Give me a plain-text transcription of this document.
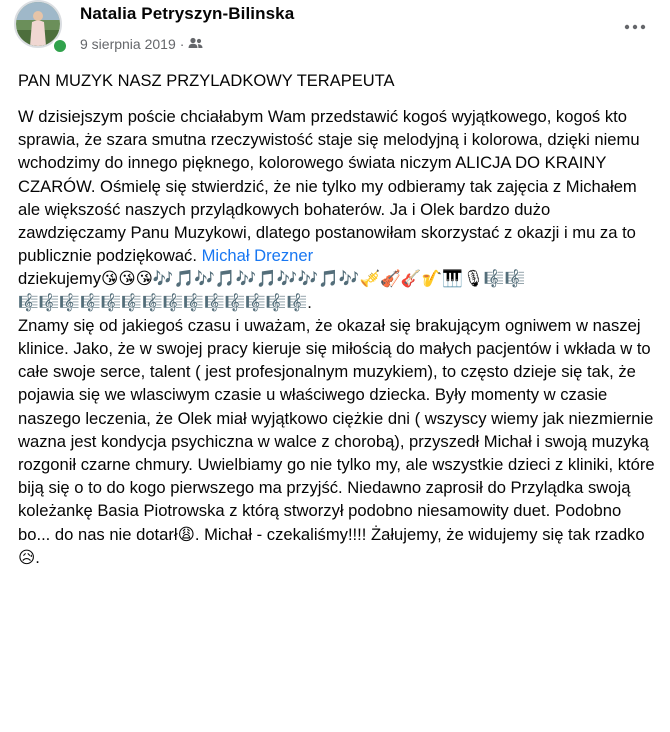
Natalia Petryszyn-Bilinska
9 sierpnia 2019 ·
PAN MUZYK NASZ PRZYLADKOWY TERAPEUTA
W dzisiejszym poście chciałabym Wam przedstawić kogoś wyjątkowego, kogoś kto sprawia, że szara smutna rzeczywistość staje się melodyjną i kolorowa, dzięki niemu wchodzimy do innego pięknego, kolorowego świata niczym ALICJA DO KRAINY CZARÓW. Ośmielę się stwierdzić, że nie tylko my odbieramy tak zajęcia z Michałem ale większość naszych przylądkowych bohaterów. Ja i Olek bardzo dużo zawdzięczamy Panu Muzykowi, dlatego postanowiłam skorzystać z okazji i mu za to publicznie podziękować. Michał Drezner
dziekujemy😘😘😘🎶🎵🎶🎵🎶🎵🎶🎶🎵🎶🎺🎻🎸🎷🎹🎙🎼🎼
🎼🎼🎼🎼🎼🎼🎼🎼🎼🎼🎼🎼🎼🎼.
Znamy się od jakiegoś czasu i uważam, że okazał się brakującym ogniwem w naszej klinice. Jako, że w swojej pracy kieruje się miłością do małych pacjentów i wkłada w to całe swoje serce, talent ( jest profesjonalnym muzykiem), to często dzieje się tak, że pojawia się we wlasciwym czasie u właściwego dziecka. Były momenty w czasie naszego leczenia, że Olek miał wyjątkowo ciężkie dni ( wszyscy wiemy jak niezmiernie wazna jest kondycja psychiczna w walce z chorobą), przyszedł Michał i swoją muzyką rozgonił czarne chmury. Uwielbiamy go nie tylko my, ale wszystkie dzieci z kliniki, które biją się o to do kogo pierwszego ma przyjść. Niedawno zaprosił do Przylądka swoją koleżankę Basia Piotrowska z którą stworzył podobno niesamowity duet. Podobno bo... do nas nie dotarł😩. Michał - czekaliśmy!!!! Żałujemy, że widujemy się tak rzadko😥.
